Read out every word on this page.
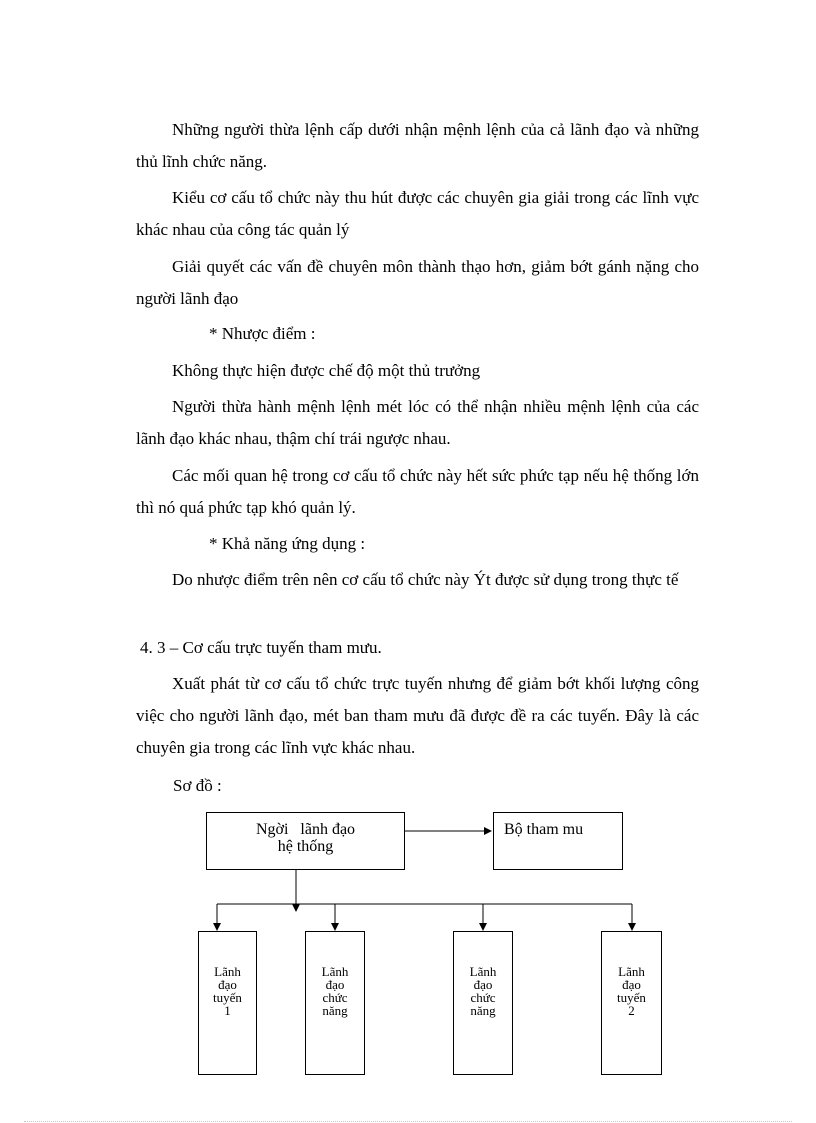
Những người thừa lệnh cấp dưới nhận mệnh lệnh của cả lãnh đạo và những thủ lĩnh chức năng.

Kiểu cơ cấu tổ chức này thu hút được các chuyên gia giải trong các lĩnh vực khác nhau của công tác quản lý

Giải quyết các vấn đề chuyên môn thành thạo hơn, giảm bớt gánh nặng cho người lãnh đạo

* Nhược điểm :

Không thực hiện được chế độ một thủ trưởng

Người thừa hành mệnh lệnh mét lóc có thể nhận nhiều mệnh lệnh của các lãnh đạo khác nhau, thậm chí trái ngược nhau.

Các mối quan hệ trong cơ cấu tổ chức này hết sức phức tạp nếu hệ thống lớn thì nó quá phức tạp khó quản lý.

* Khả năng ứng dụng :

Do nhược điểm trên nên cơ cấu tổ chức này Ýt được sử dụng trong thực tế

4. 3 – Cơ cấu trực tuyến tham mưu.

Xuất phát từ cơ cấu tổ chức trực tuyến nhưng để giảm bớt khối lượng công việc cho người lãnh đạo, mét ban tham mưu đã được đề ra các tuyến. Đây là các chuyên gia trong các lĩnh vực khác nhau.

Sơ đồ :

Ngời   lãnh đạo
hệ thống
Bộ tham mu
Lãnh
đạo
tuyến
1
Lãnh
đạo
chức
năng
Lãnh
đạo
chức
năng
Lãnh
đạo
tuyến
2
